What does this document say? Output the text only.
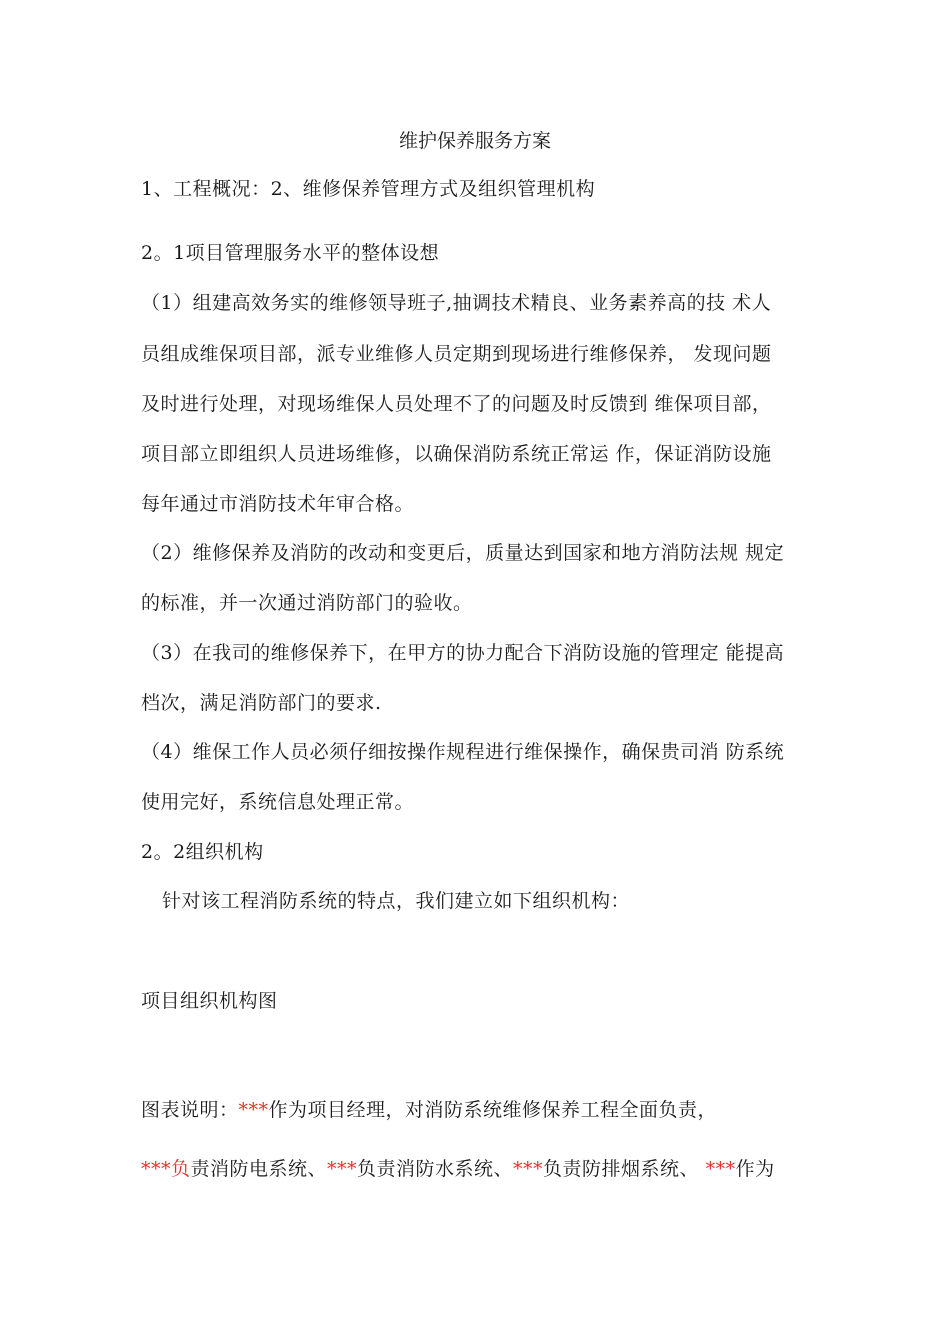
维护保养服务方案
1、工程概况：2、维修保养管理方式及组织管理机构
2。1项目管理服务水平的整体设想
（1）组建高效务实的维修领导班子,抽调技术精良、业务素养高的技 术人
员组成维保项目部，派专业维修人员定期到现场进行维修保养， 发现问题
及时进行处理，对现场维保人员处理不了的问题及时反馈到 维保项目部，
项目部立即组织人员进场维修，以确保消防系统正常运 作，保证消防设施
每年通过市消防技术年审合格。
（2）维修保养及消防的改动和变更后，质量达到国家和地方消防法规 规定
的标准，并一次通过消防部门的验收。
（3）在我司的维修保养下，在甲方的协力配合下消防设施的管理定 能提高
档次，满足消防部门的要求.
（4）维保工作人员必须仔细按操作规程进行维保操作，确保贵司消 防系统
使用完好，系统信息处理正常。
2。2组织机构
针对该工程消防系统的特点，我们建立如下组织机构：
项目组织机构图
图表说明：***作为项目经理，对消防系统维修保养工程全面负责，
***负责消防电系统、***负责消防水系统、***负责防排烟系统、 ***作为
